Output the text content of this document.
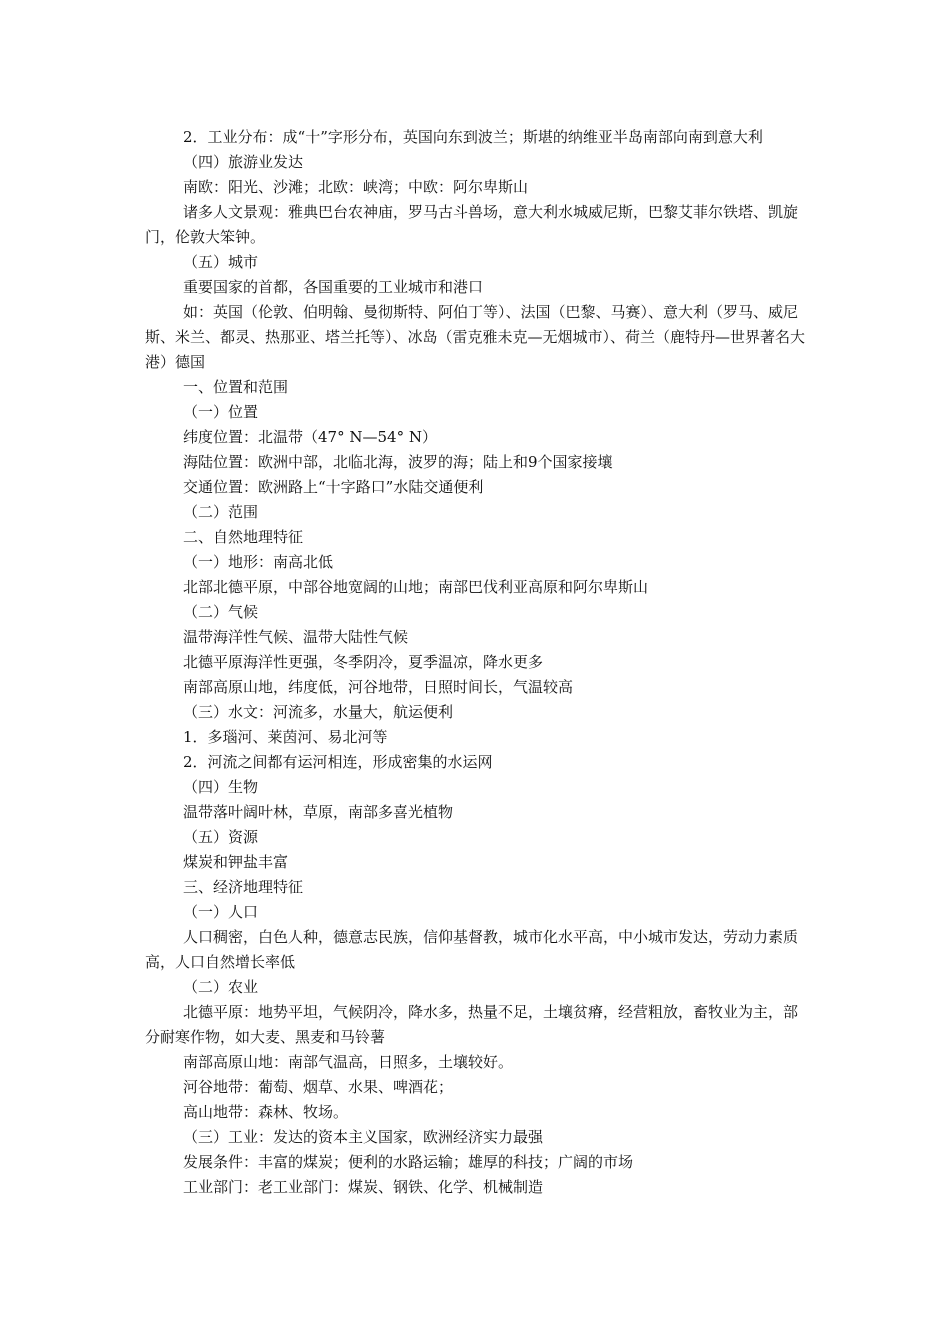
2．工业分布：成“十”字形分布，英国向东到波兰；斯堪的纳维亚半岛南部向南到意大利

（四）旅游业发达

南欧：阳光、沙滩；北欧：峡湾；中欧：阿尔卑斯山

诸多人文景观：雅典巴台农神庙，罗马古斗兽场，意大利水城威尼斯，巴黎艾菲尔铁塔、凯旋门，伦敦大笨钟。

（五）城市

重要国家的首都，各国重要的工业城市和港口

如：英国（伦敦、伯明翰、曼彻斯特、阿伯丁等）、法国（巴黎、马赛）、意大利（罗马、威尼斯、米兰、都灵、热那亚、塔兰托等）、冰岛（雷克雅未克—无烟城市）、荷兰（鹿特丹—世界著名大港）德国

一、位置和范围

（一）位置

纬度位置：北温带（47° N—54° N）

海陆位置：欧洲中部，北临北海，波罗的海；陆上和9个国家接壤

交通位置：欧洲路上“十字路口”水陆交通便利

（二）范围

二、自然地理特征

（一）地形：南高北低

北部北德平原，中部谷地宽阔的山地；南部巴伐利亚高原和阿尔卑斯山

（二）气候

温带海洋性气候、温带大陆性气候

北德平原海洋性更强，冬季阴冷，夏季温凉，降水更多

南部高原山地，纬度低，河谷地带，日照时间长，气温较高

（三）水文：河流多，水量大，航运便利

1．多瑙河、莱茵河、易北河等

2．河流之间都有运河相连，形成密集的水运网

（四）生物

温带落叶阔叶林，草原，南部多喜光植物

（五）资源

煤炭和钾盐丰富

三、经济地理特征

（一）人口

人口稠密，白色人种，德意志民族，信仰基督教，城市化水平高，中小城市发达，劳动力素质高，人口自然增长率低

（二）农业

北德平原：地势平坦，气候阴冷，降水多，热量不足，土壤贫瘠，经营粗放，畜牧业为主，部分耐寒作物，如大麦、黑麦和马铃薯

南部高原山地：南部气温高，日照多，土壤较好。

河谷地带：葡萄、烟草、水果、啤酒花；

高山地带：森林、牧场。

（三）工业：发达的资本主义国家，欧洲经济实力最强

发展条件：丰富的煤炭；便利的水路运输；雄厚的科技；广阔的市场

工业部门：老工业部门：煤炭、钢铁、化学、机械制造
